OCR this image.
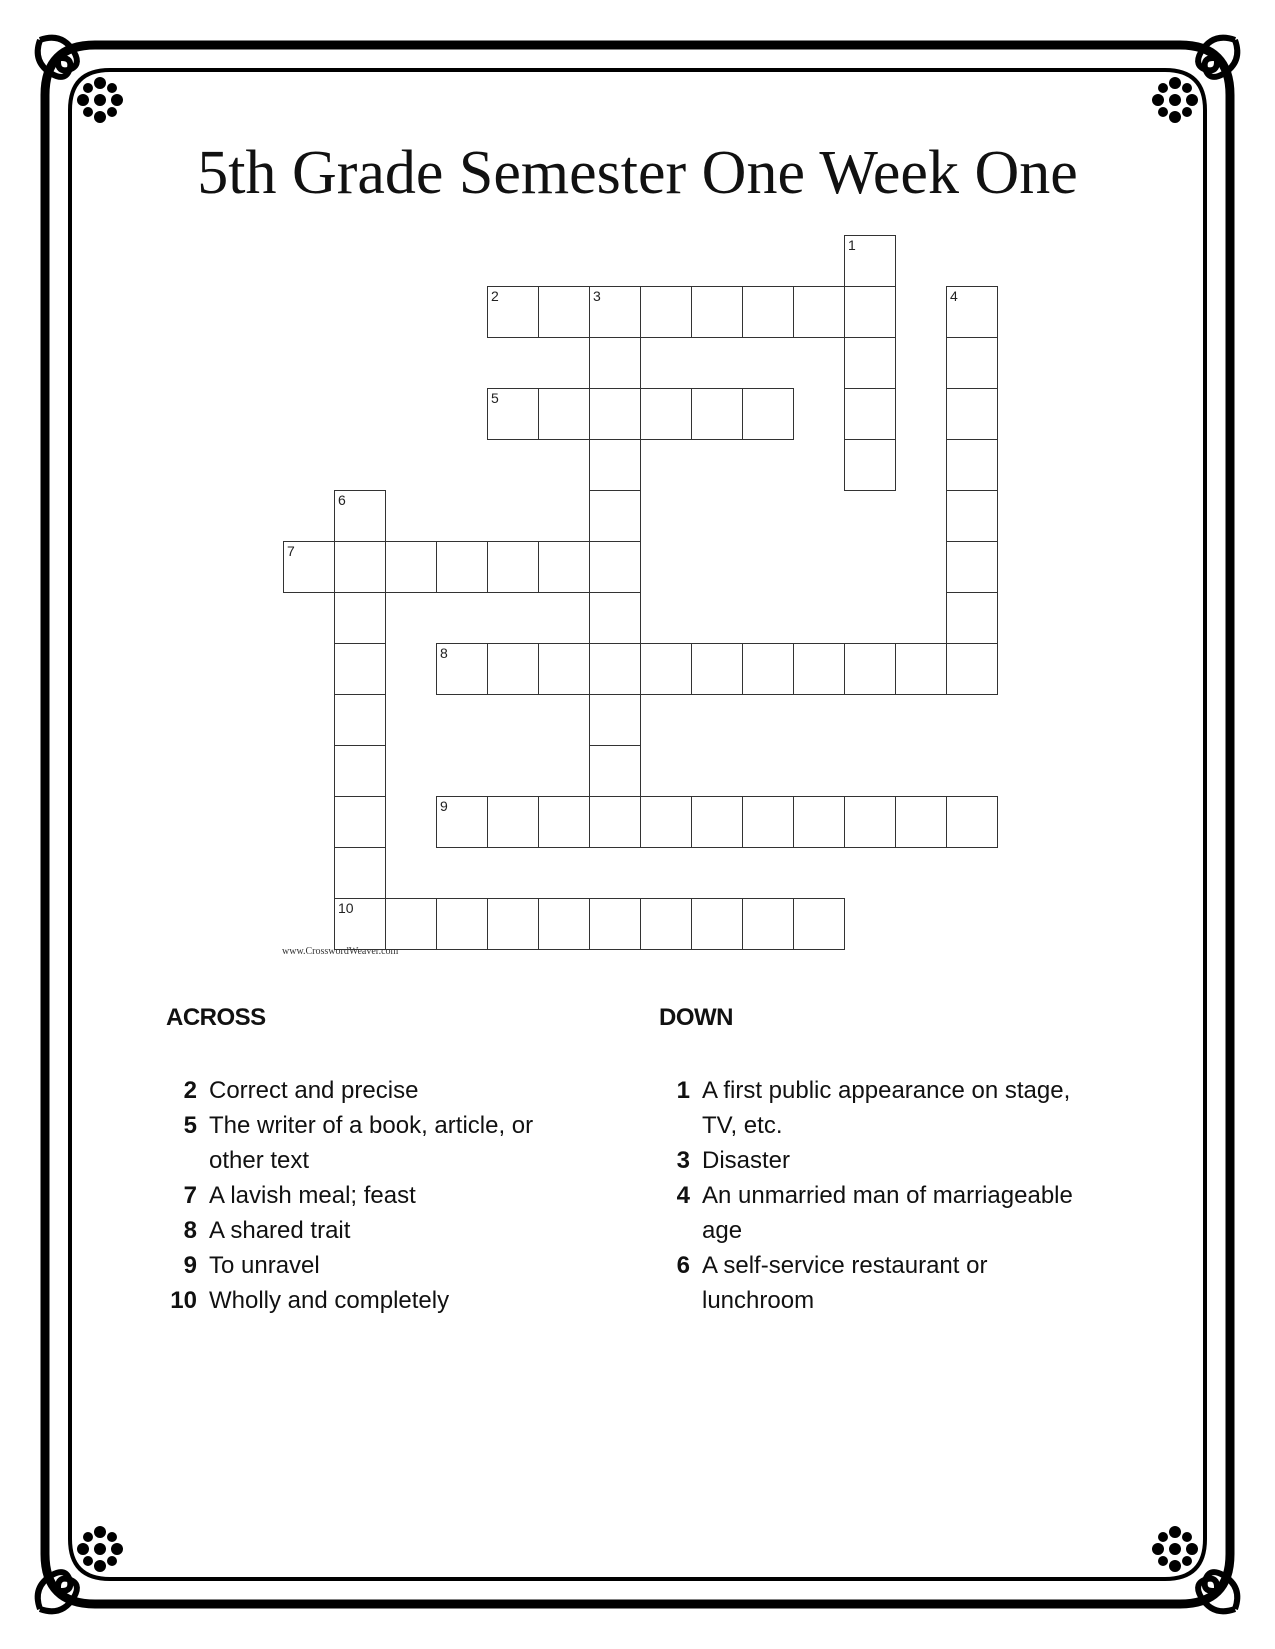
5th Grade Semester One Week One
1
2	3	4
5
6
10
7
8
9
www.CrosswordWeaver.com
ACROSS	DOWN
2 Correct and precise
5 The writer of a book, article, or other text
7 A lavish meal; feast
8 A shared trait
9 To unravel
10 Wholly and completely
1 A first public appearance on stage, TV, etc.
3 Disaster
4 An unmarried man of marriageable age
6 A self-service restaurant or lunchroom
